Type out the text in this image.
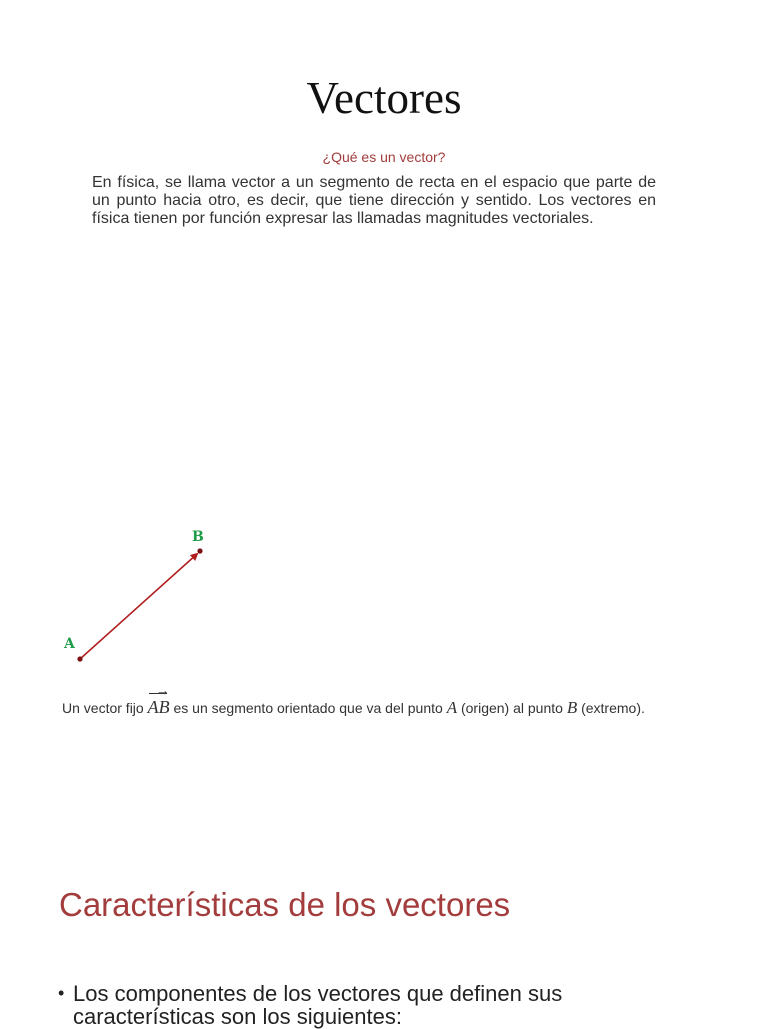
Vectores
¿Qué es un vector?

En física, se llama vector a un segmento de recta en el espacio que parte de un punto hacia otro, es decir, que tiene dirección y sentido. Los vectores en física tienen por función expresar las llamadas magnitudes vectoriales.

A
B
Un vector fijo
→
AB es un segmento orientado que va del punto A (origen) al punto B (extremo).
Características de los vectores
• Los componentes de los vectores que definen sus características son los siguientes:
